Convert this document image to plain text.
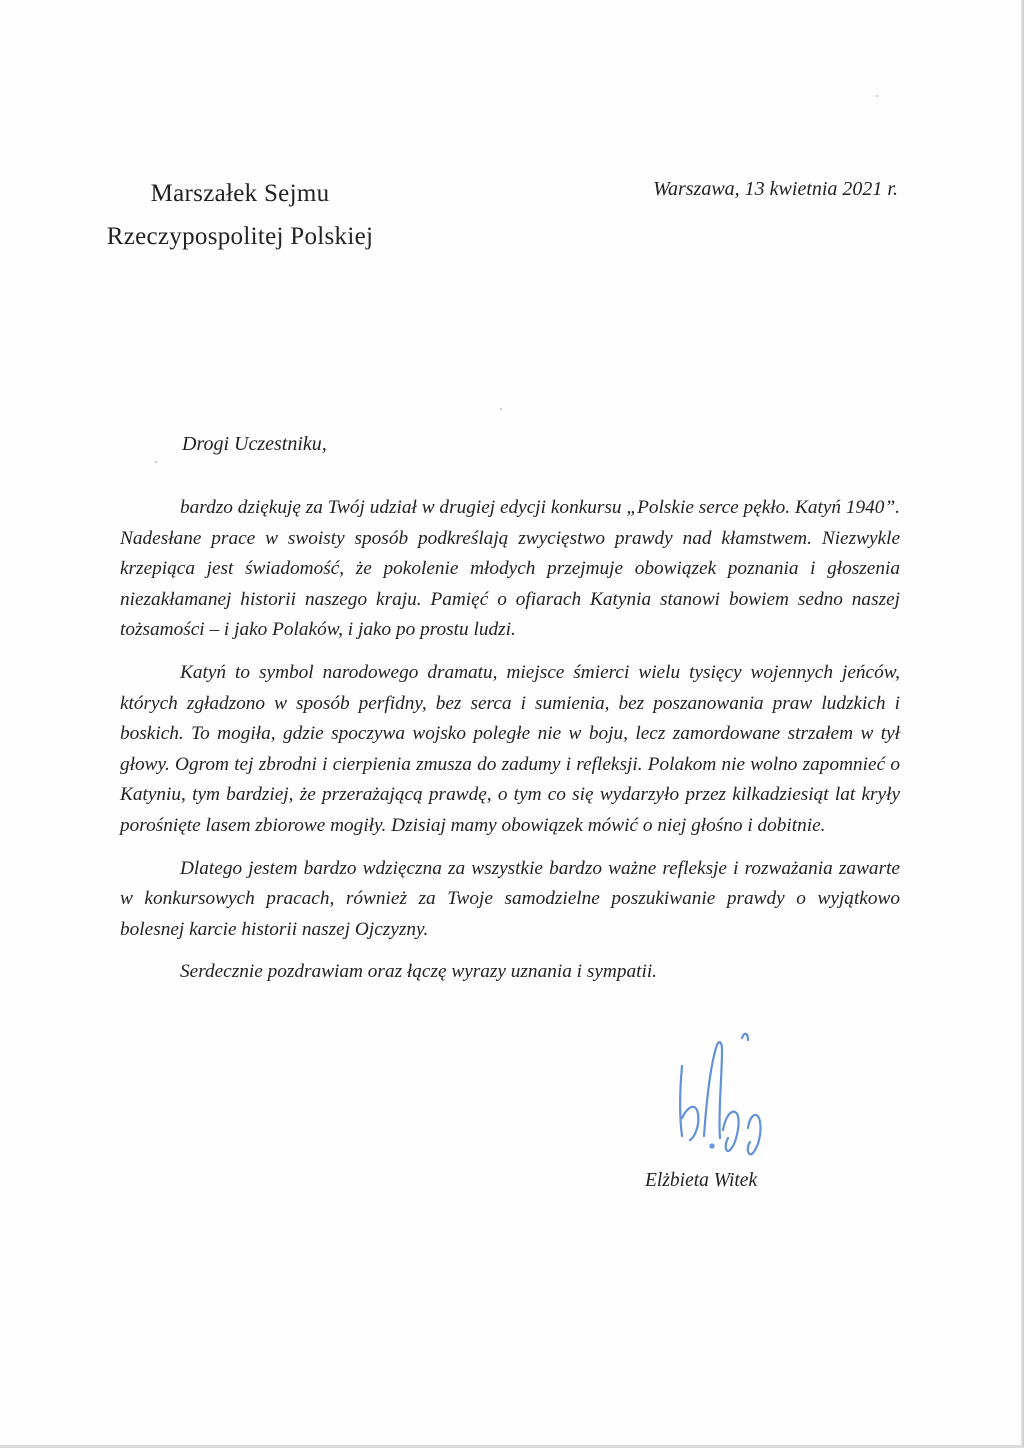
Marszałek Sejmu
Rzeczypospolitej Polskiej
Warszawa, 13 kwietnia 2021 r.
Drogi Uczestniku,

bardzo dziękuję za Twój udział w drugiej edycji konkursu „Polskie serce pękło. Katyń 1940”. Nadesłane prace w swoisty sposób podkreślają zwycięstwo prawdy nad kłamstwem. Niezwykle krzepiąca jest świadomość, że pokolenie młodych przejmuje obowiązek poznania i głoszenia niezakłamanej historii naszego kraju. Pamięć o ofiarach Katynia stanowi bowiem sedno naszej tożsamości – i jako Polaków, i jako po prostu ludzi.

Katyń to symbol narodowego dramatu, miejsce śmierci wielu tysięcy wojennych jeńców, których zgładzono w sposób perfidny, bez serca i sumienia, bez poszanowania praw ludzkich i boskich. To mogiła, gdzie spoczywa wojsko poległe nie w boju, lecz zamordowane strzałem w tył głowy. Ogrom tej zbrodni i cierpienia zmusza do zadumy i refleksji. Polakom nie wolno zapomnieć o Katyniu, tym bardziej, że przerażającą prawdę, o tym co się wydarzyło przez kilkadziesiąt lat kryły porośnięte lasem zbiorowe mogiły. Dzisiaj mamy obowiązek mówić o niej głośno i dobitnie.

Dlatego jestem bardzo wdzięczna za wszystkie bardzo ważne refleksje i rozważania zawarte w konkursowych pracach, również za Twoje samodzielne poszukiwanie prawdy o wyjątkowo bolesnej karcie historii naszej Ojczyzny.

Serdecznie pozdrawiam oraz łączę wyrazy uznania i sympatii.

Elżbieta Witek
